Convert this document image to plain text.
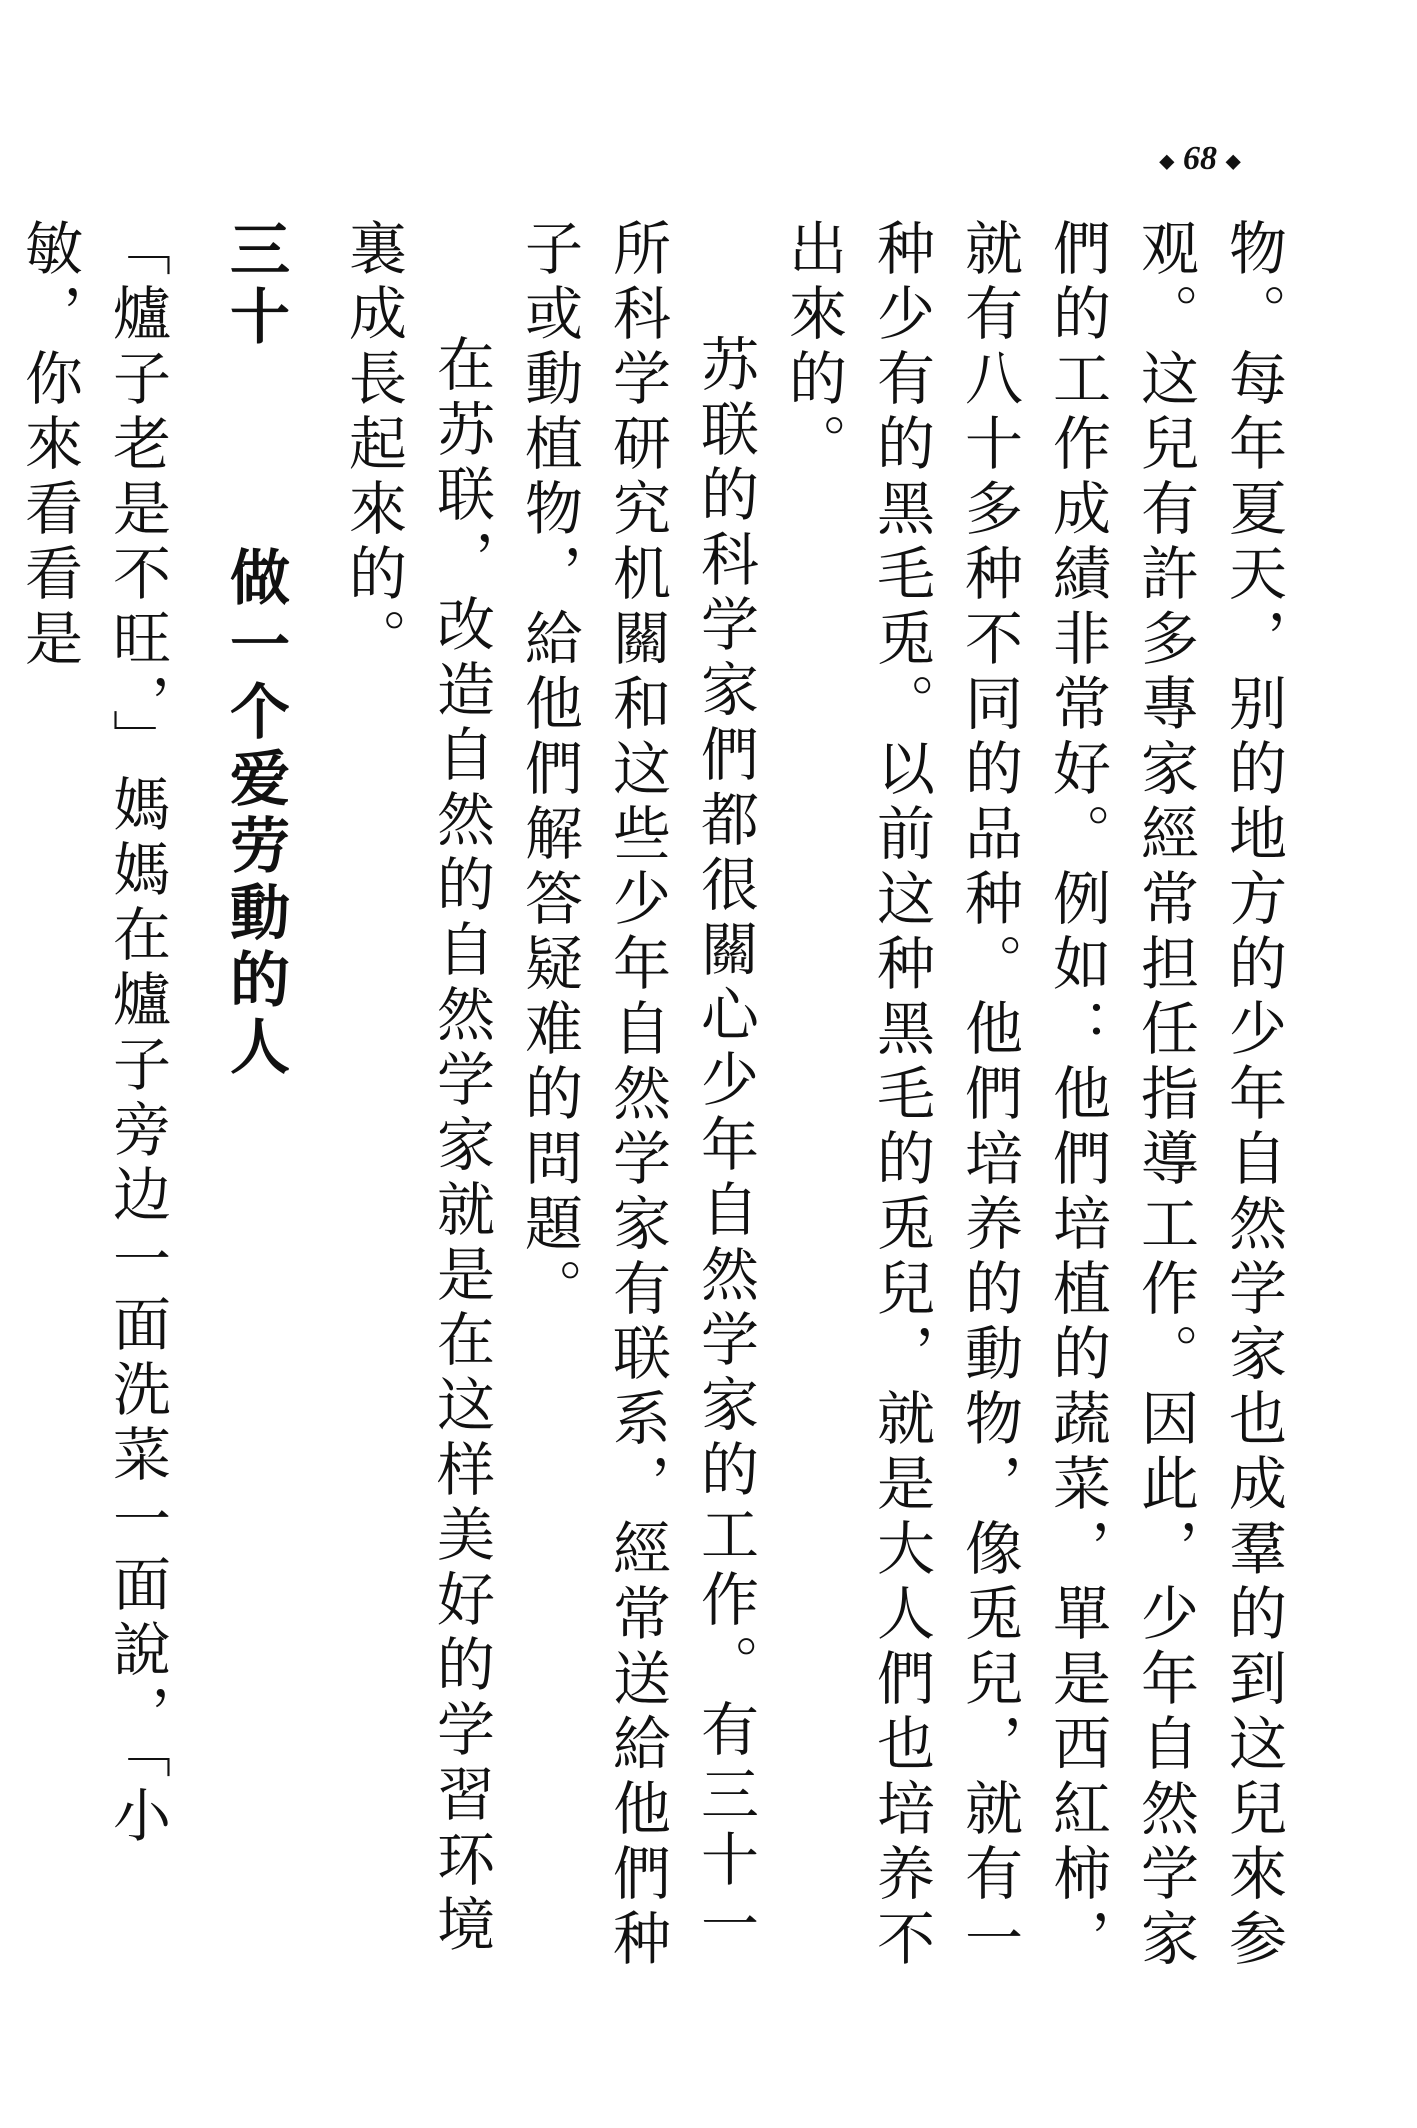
◆ 68 ◆

物。每年夏天，别的地方的少年自然学家也成羣的到这兒來参观。这兒有許多專家經常担任指導工作。因此，少年自然学家們的工作成績非常好。例如：他們培植的蔬菜，單是西紅柿，就有八十多种不同的品种。他們培养的動物，像兎兒，就有一种少有的黑毛兎。以前这种黑毛的兎兒，就是大人們也培养不出來的。

苏联的科学家們都很關心少年自然学家的工作。有三十一所科学研究机關和这些少年自然学家有联系，經常送給他們种子或動植物，給他們解答疑难的問題。

在苏联，改造自然的自然学家就是在这样美好的学習环境裏成長起來的。

三十　　做一个爱劳動的人

「爐子老是不旺，」媽媽在爐子旁边一面洗菜一面說，「小敏，你來看看是
